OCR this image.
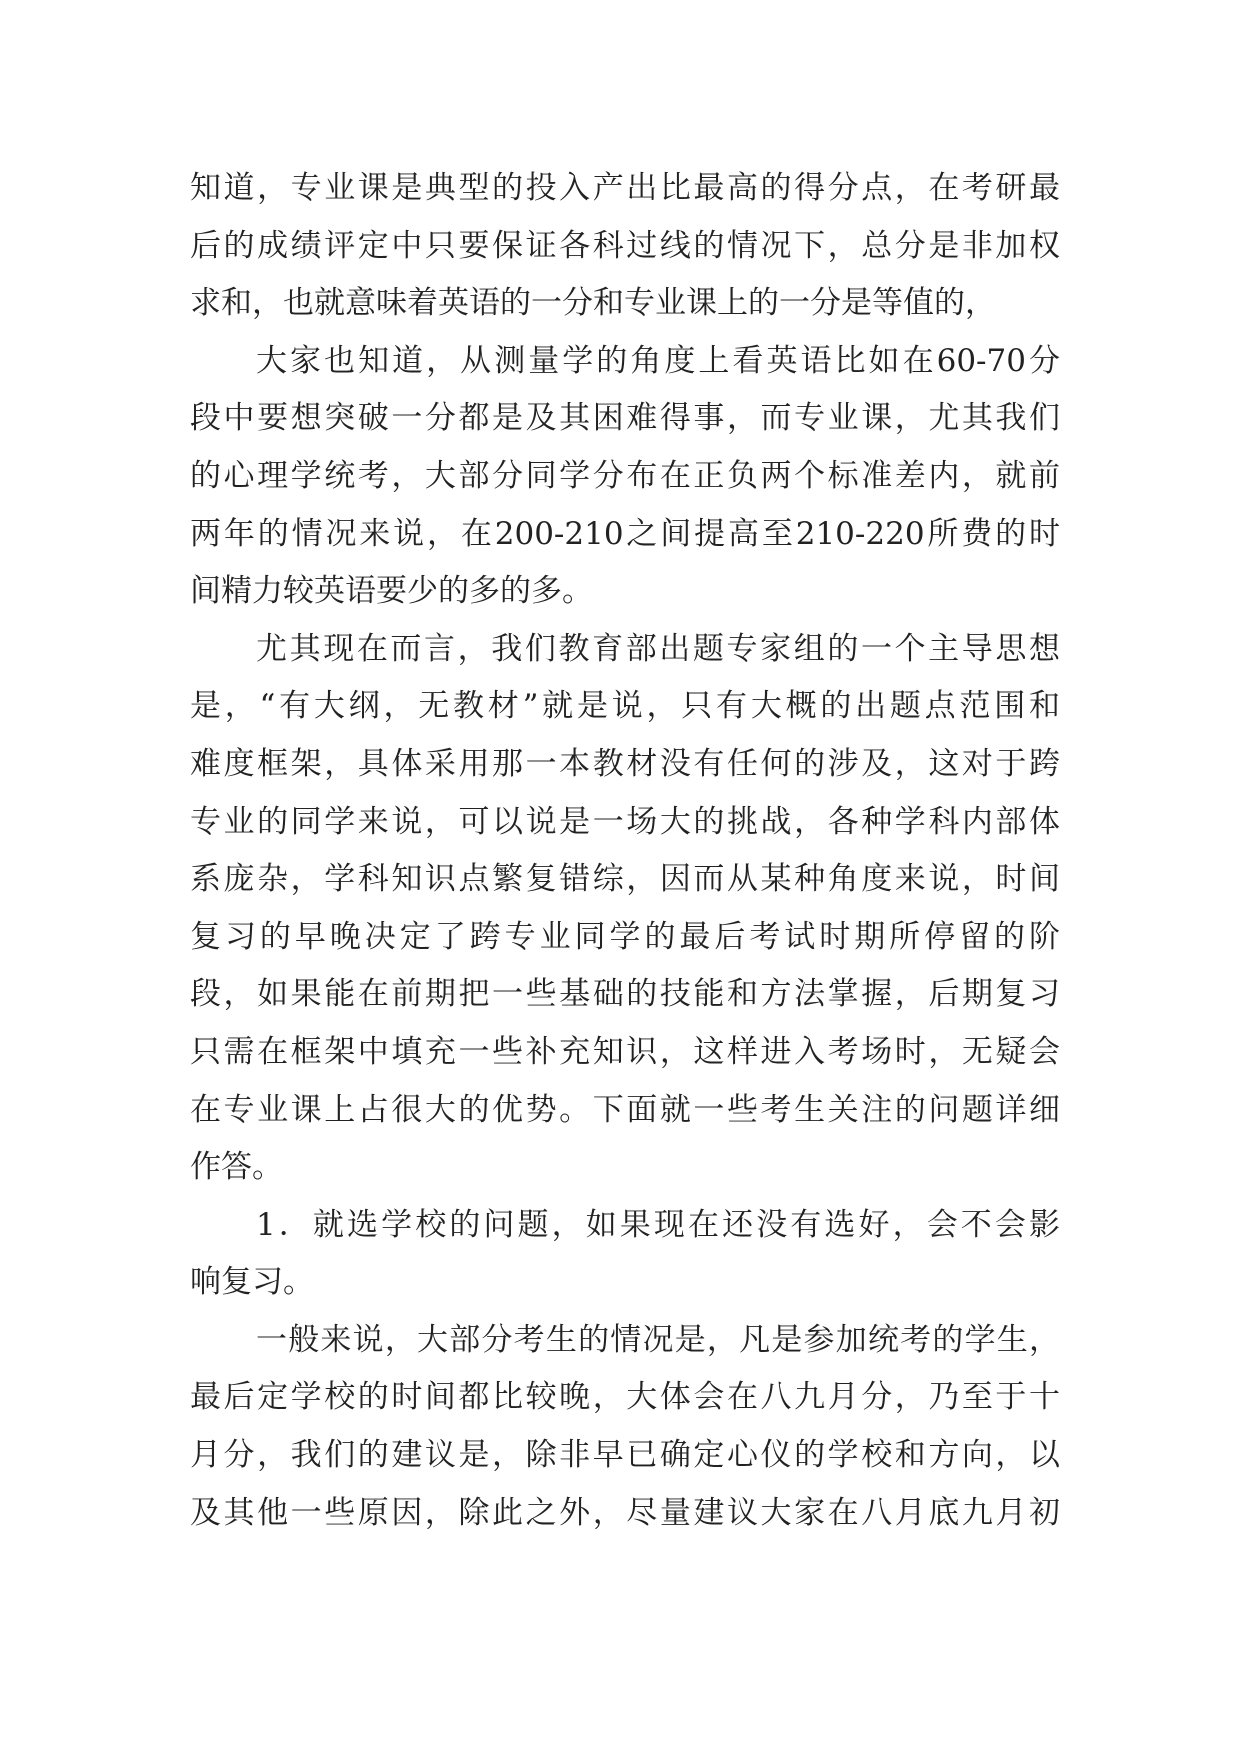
知道，专业课是典型的投入产出比最高的得分点，在考研最
后的成绩评定中只要保证各科过线的情况下，总分是非加权
求和，也就意味着英语的一分和专业课上的一分是等值的，
大家也知道，从测量学的角度上看英语比如在60-70分
段中要想突破一分都是及其困难得事，而专业课，尤其我们
的心理学统考，大部分同学分布在正负两个标准差内，就前
两年的情况来说，在200-210之间提高至210-220所费的时
间精力较英语要少的多的多。
尤其现在而言，我们教育部出题专家组的一个主导思想
是，“有大纲，无教材”就是说，只有大概的出题点范围和
难度框架，具体采用那一本教材没有任何的涉及，这对于跨
专业的同学来说，可以说是一场大的挑战，各种学科内部体
系庞杂，学科知识点繁复错综，因而从某种角度来说，时间
复习的早晚决定了跨专业同学的最后考试时期所停留的阶
段，如果能在前期把一些基础的技能和方法掌握，后期复习
只需在框架中填充一些补充知识，这样进入考场时，无疑会
在专业课上占很大的优势。下面就一些考生关注的问题详细
作答。
1．就选学校的问题，如果现在还没有选好，会不会影
响复习。
一般来说，大部分考生的情况是，凡是参加统考的学生，
最后定学校的时间都比较晚，大体会在八九月分，乃至于十
月分，我们的建议是，除非早已确定心仪的学校和方向，以
及其他一些原因，除此之外，尽量建议大家在八月底九月初
